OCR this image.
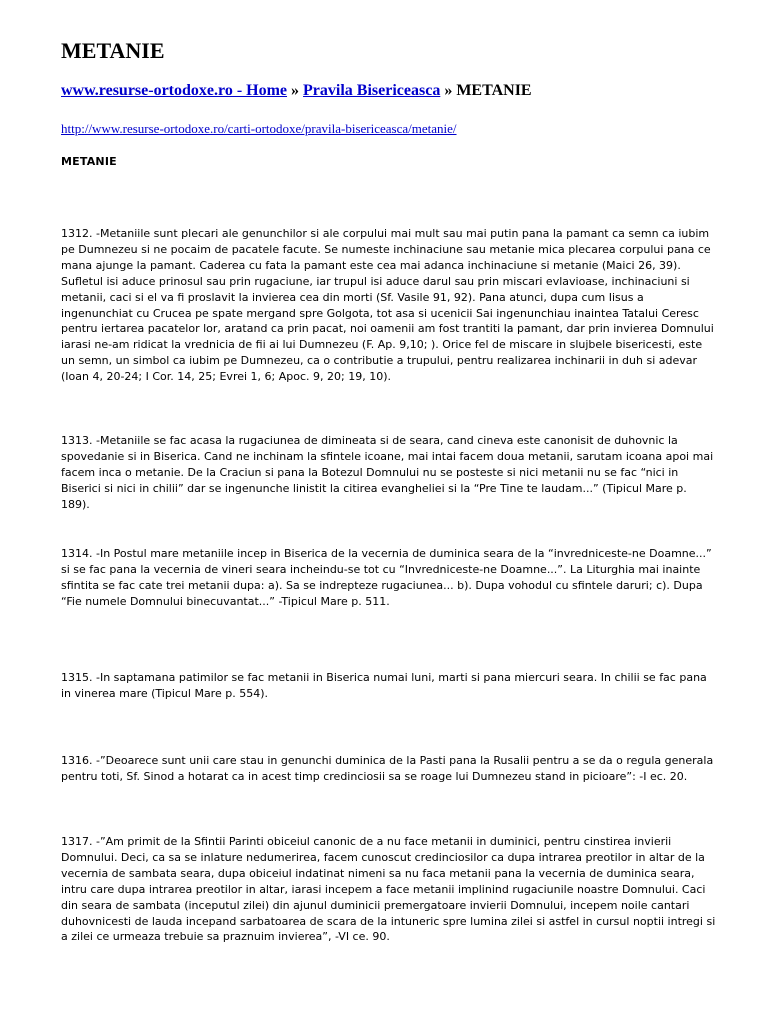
METANIE
www.resurse-ortodoxe.ro - Home » Pravila Bisericeasca » METANIE
http://www.resurse-ortodoxe.ro/carti-ortodoxe/pravila-bisericeasca/metanie/
METANIE

1312. -Metaniile sunt plecari ale genunchilor si ale corpului mai mult sau mai putin pana la pamant ca semn ca iubim pe Dumnezeu si ne pocaim de pacatele facute. Se numeste inchinaciune sau metanie mica plecarea corpului pana ce mana ajunge la pamant. Caderea cu fata la pamant este cea mai adanca inchinaciune si metanie (Maici 26, 39). Sufletul isi aduce prinosul sau prin rugaciune, iar trupul isi aduce darul sau prin miscari evlavioase, inchinaciuni si metanii, caci si el va fi proslavit la invierea cea din morti (Sf. Vasile 91, 92). Pana atunci, dupa cum Iisus a ingenunchiat cu Crucea pe spate mergand spre Golgota, tot asa si ucenicii Sai ingenunchiau inaintea Tatalui Ceresc pentru iertarea pacatelor lor, aratand ca prin pacat, noi oamenii am fost trantiti la pamant, dar prin invierea Domnului iarasi ne-am ridicat la vrednicia de fii ai lui Dumnezeu (F. Ap. 9,10; ). Orice fel de miscare in slujbele bisericesti, este un semn, un simbol ca iubim pe Dumnezeu, ca o contributie a trupului, pentru realizarea inchinarii in duh si adevar (Ioan 4, 20-24; I Cor. 14, 25; Evrei 1, 6; Apoc. 9, 20; 19, 10).

1313. -Metaniile se fac acasa la rugaciunea de dimineata si de seara, cand cineva este canonisit de duhovnic la spovedanie si in Biserica. Cand ne inchinam la sfintele icoane, mai intai facem doua metanii, sarutam icoana apoi mai facem inca o metanie. De la Craciun si pana la Botezul Domnului nu se posteste si nici metanii nu se fac “nici in Biserici si nici in chilii” dar se ingenunche linistit la citirea evangheliei si la “Pre Tine te laudam...” (Tipicul Mare p. 189).

1314. -In Postul mare metaniile incep in Biserica de la vecernia de duminica seara de la “invredniceste-ne Doamne...” si se fac pana la vecernia de vineri seara incheindu-se tot cu “Invredniceste-ne Doamne...”. La Liturghia mai inainte sfintita se fac cate trei metanii dupa: a). Sa se indrepteze rugaciunea... b). Dupa vohodul cu sfintele daruri; c). Dupa “Fie numele Domnului binecuvantat...” -Tipicul Mare p. 511.

1315. -In saptamana patimilor se fac metanii in Biserica numai luni, marti si pana miercuri seara. In chilii se fac pana in vinerea mare (Tipicul Mare p. 554).

1316. -”Deoarece sunt unii care stau in genunchi duminica de la Pasti pana la Rusalii pentru a se da o regula generala pentru toti, Sf. Sinod a hotarat ca in acest timp credinciosii sa se roage lui Dumnezeu stand in picioare”: -I ec. 20.

1317. -”Am primit de la Sfintii Parinti obiceiul canonic de a nu face metanii in duminici, pentru cinstirea invierii Domnului. Deci, ca sa se inlature nedumerirea, facem cunoscut credinciosilor ca dupa intrarea preotilor in altar de la vecernia de sambata seara, dupa obiceiul indatinat nimeni sa nu faca metanii pana la vecernia de duminica seara, intru care dupa intrarea preotilor in altar, iarasi incepem a face metanii implinind rugaciunile noastre Domnului. Caci din seara de sambata (inceputul zilei) din ajunul duminicii premergatoare invierii Domnului, incepem noile cantari duhovnicesti de lauda incepand sarbatoarea de scara de la intuneric spre lumina zilei si astfel in cursul noptii intregi si a zilei ce urmeaza trebuie sa praznuim invierea”, -VI ce. 90.
